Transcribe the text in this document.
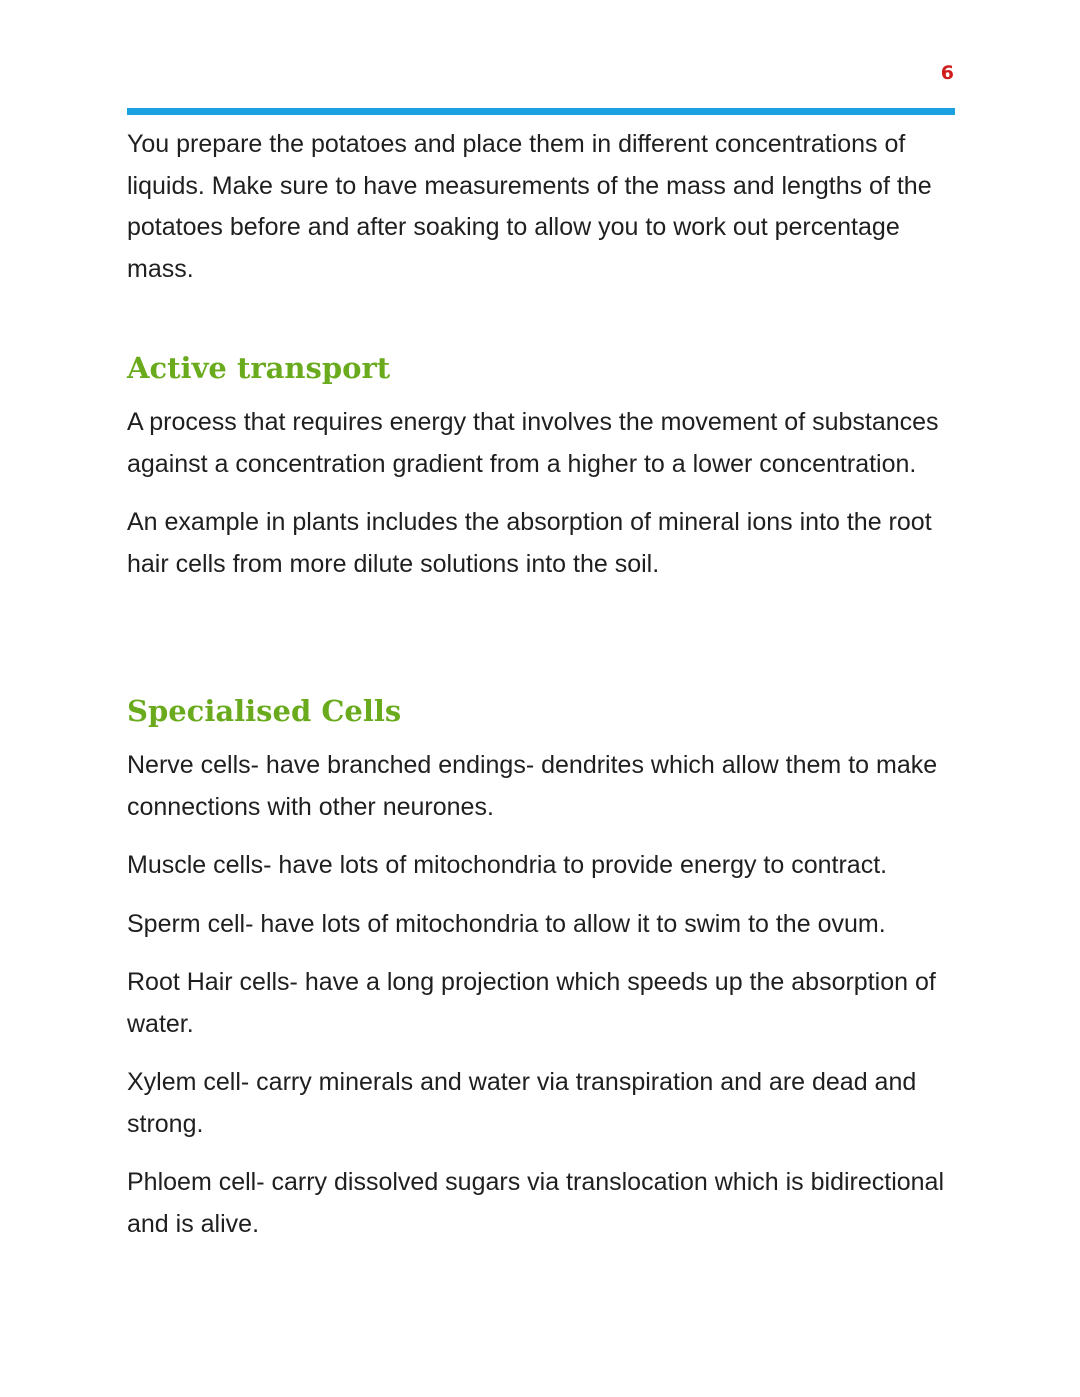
6

You prepare the potatoes and place them in different concentrations of liquids. Make sure to have measurements of the mass and lengths of the potatoes before and after soaking to allow you to work out percentage mass.

Active transport

A process that requires energy that involves the movement of substances against a concentration gradient from a higher to a lower concentration.

An example in plants includes the absorption of mineral ions into the root hair cells from more dilute solutions into the soil.

Specialised Cells

Nerve cells- have branched endings- dendrites which allow them to make connections with other neurones.

Muscle cells- have lots of mitochondria to provide energy to contract.

Sperm cell- have lots of mitochondria to allow it to swim to the ovum.

Root Hair cells- have a long projection which speeds up the absorption of water.

Xylem cell- carry minerals and water via transpiration and are dead and strong.

Phloem cell- carry dissolved sugars via translocation which is bidirectional and is alive.
